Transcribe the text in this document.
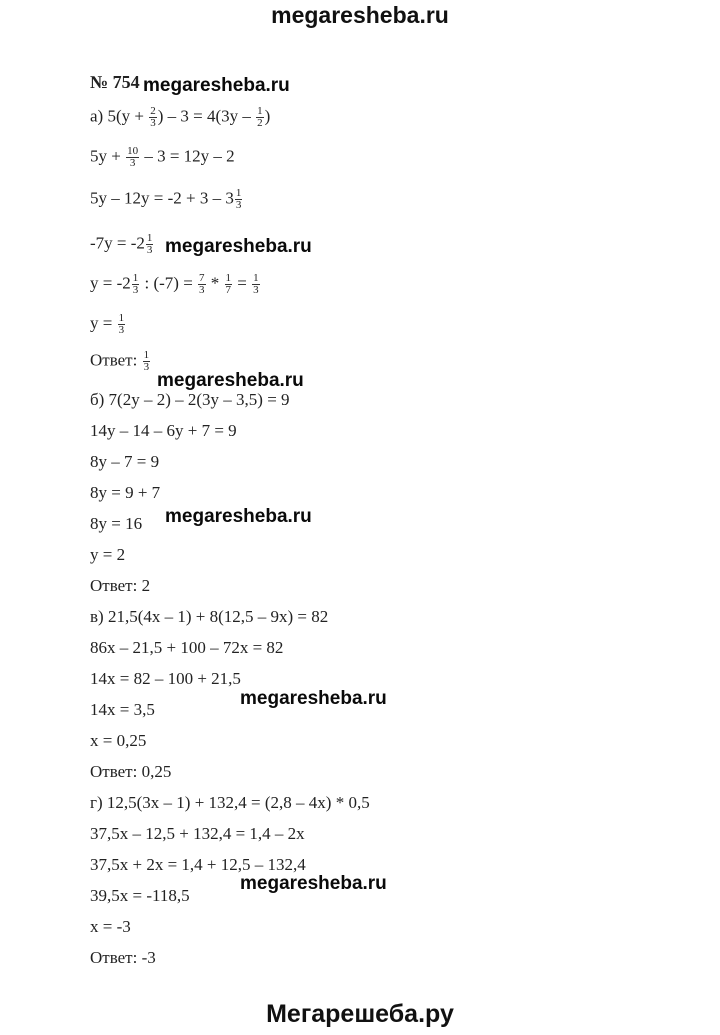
megaresheba.ru
№ 754
а) $5(y + \frac{2}{3}$ ) – $3 = 4(3y - \frac{1}{2}$ )
$5y + \frac{10}{3} - 3 = 12y - 2$
$5y - 12y = -2 + 3 - 3 \frac{1}{3}$
$-7y = -2 \frac{1}{3}$
$y = -2 \frac{1}{3}$ : $(-7) = \frac{7}{3} * \frac{1}{7} = \frac{1}{3}$
$y = \frac{1}{3}$
Ответ: $\frac{1}{3}$
б) 7(2y – 2) – 2(3y – 3,5) = 9
14y – 14 – 6y + 7 = 9
8y – 7 = 9
8y = 9 + 7
8y = 16
y = 2
Ответ: 2
в) 21,5(4x – 1) + 8(12,5 – 9x) = 82
86x – 21,5 + 100 – 72x = 82
14x = 82 – 100 + 21,5
14x = 3,5
x = 0,25
Ответ: 0,25
г) 12,5(3x – 1) + 132,4 = (2,8 – 4x) * 0,5
37,5x – 12,5 + 132,4 = 1,4 – 2x
37,5x + 2x = 1,4 + 12,5 – 132,4
39,5x = -118,5
x = -3
Ответ: -3
megaresheba.ru
megaresheba.ru
megaresheba.ru
megaresheba.ru
megaresheba.ru
megaresheba.ru
Мегарешеба.ру
